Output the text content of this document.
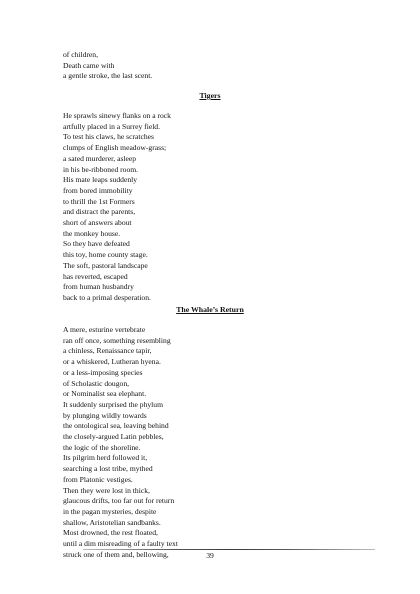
of children,
Death came with
a gentle stroke, the last scent.
Tigers
He sprawls sinewy flanks on a rock
artfully placed in a Surrey field.
To test his claws, he scratches
clumps of English meadow-grass;
a sated murderer, asleep
in his be-ribboned room.
His mate leaps suddenly
from bored immobility
to thrill the 1st Formers
and distract the parents,
short of answers about
the monkey house.
So they have defeated
this toy, home county stage.
The soft, pastoral landscape
has reverted, escaped
from human husbandry
back to a primal desperation.
The Whale’s Return
A mere, esturine vertebrate
ran off once, something resembling
a chinless, Renaissance tapir,
or a whiskered, Lutheran hyena.
or a less-imposing species
of Scholastic dougon,
or Nominalist sea elephant.
It suddenly surprised the phylum
by plunging wildly towards
the ontological sea, leaving behind
the closely-argued Latin pebbles,
the logic of the shoreline.
Its pilgrim herd followed it,
searching a lost tribe, mythed
from Platonic vestiges.
Then they were lost in thick,
glaucous drifts, too far out for return
in the pagan mysteries, despite
shallow, Aristotelian sandbanks.
Most drowned, the rest floated,
until a dim misreading of a faulty text
struck one of them and, bellowing,	39
